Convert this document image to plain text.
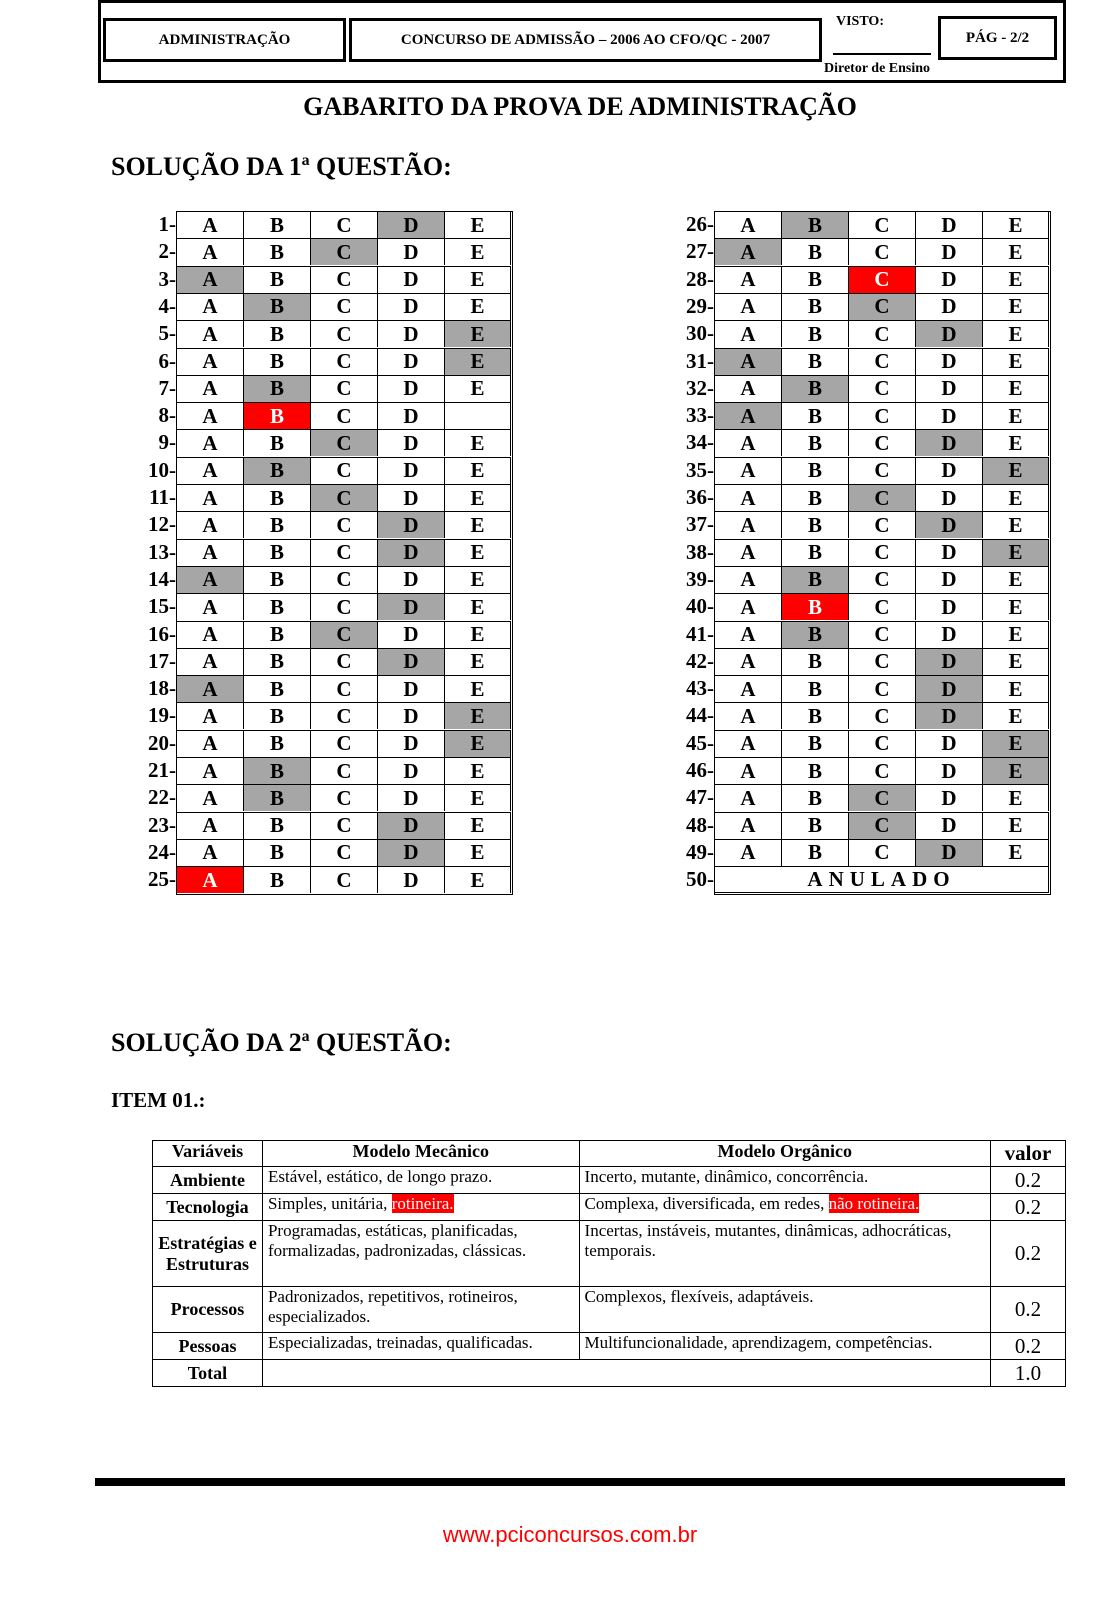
ADMINISTRAÇÃO	CONCURSO DE ADMISSÃO – 2006 AO CFO/QC - 2007
VISTO:
Diretor de Ensino
PÁG - 2/2
GABARITO DA PROVA DE ADMINISTRAÇÃO
SOLUÇÃO DA 1ª QUESTÃO:
SOLUÇÃO DA 2ª QUESTÃO:
ITEM 01.:
Variáveis	Modelo Mecânico	Modelo Orgânico	valor
Ambiente	Estável, estático, de longo prazo.	Incerto, mutante, dinâmico, concorrência.	0.2
Tecnologia	Simples, unitária, rotineira.	Complexa, diversificada, em redes, não rotineira.	0.2
Estratégias e Estruturas	Programadas, estáticas, planificadas, formalizadas, padronizadas, clássicas.	Incertas, instáveis, mutantes, dinâmicas, adhocráticas, temporais.	0.2
Processos	Padronizados, repetitivos, rotineiros, especializados.	Complexos, flexíveis, adaptáveis.	0.2
Pessoas	Especializadas, treinadas, qualificadas.	Multifuncionalidade, aprendizagem, competências.	0.2
Total			1.0
www.pciconcursos.com.br
1-	A	B	C	D	E
2-	A	B	C	D	E
3-	A	B	C	D	E
4-	A	B	C	D	E
5-	A	B	C	D	E
6-	A	B	C	D	E
7-	A	B	C	D	E
8-	A	B	C	D
9-	A	B	C	D	E
10-	A	B	C	D	E
11-	A	B	C	D	E
12-	A	B	C	D	E
13-	A	B	C	D	E
14-	A	B	C	D	E
15-	A	B	C	D	E
16-	A	B	C	D	E
17-	A	B	C	D	E
18-	A	B	C	D	E
19-	A	B	C	D	E
20-	A	B	C	D	E
21-	A	B	C	D	E
22-	A	B	C	D	E
23-	A	B	C	D	E
24-	A	B	C	D	E
25-	A	B	C	D	E
26-	A	B	C	D	E
27-	A	B	C	D	E
28-	A	B	C	D	E
29-	A	B	C	D	E
30-	A	B	C	D	E
31-	A	B	C	D	E
32-	A	B	C	D	E
33-	A	B	C	D	E
34-	A	B	C	D	E
35-	A	B	C	D	E
36-	A	B	C	D	E
37-	A	B	C	D	E
38-	A	B	C	D	E
39-	A	B	C	D	E
40-	A	B	C	D	E
41-	A	B	C	D	E
42-	A	B	C	D	E
43-	A	B	C	D	E
44-	A	B	C	D	E
45-	A	B	C	D	E
46-	A	B	C	D	E
47-	A	B	C	D	E
48-	A	B	C	D	E
49-	A	B	C	D	E
50-	ANULADO
